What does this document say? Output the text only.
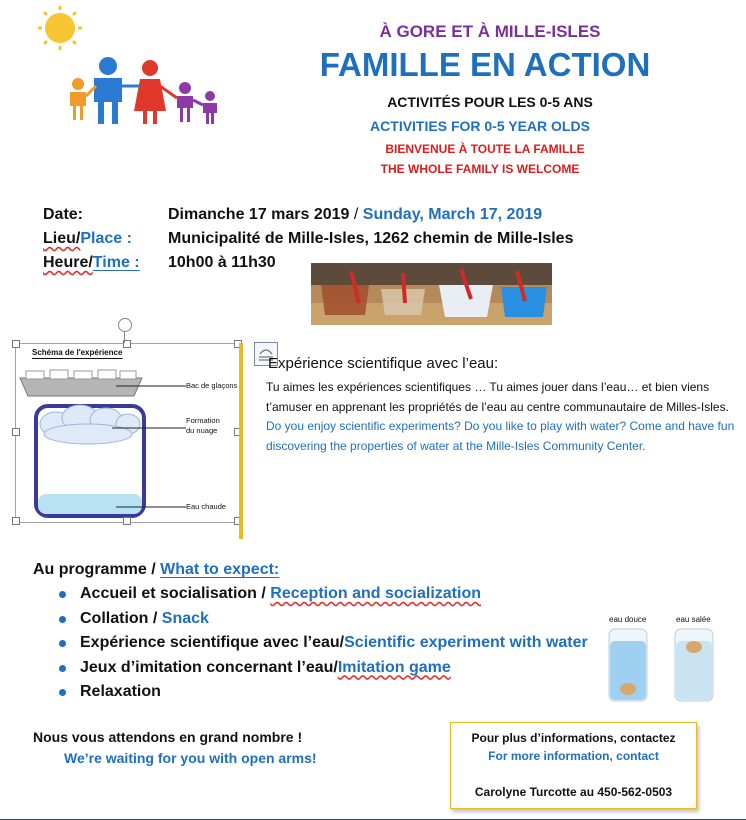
À GORE ET À MILLE-ISLES
FAMILLE EN ACTION
ACTIVITÉS POUR LES 0-5 ANS
ACTIVITIES FOR 0-5 YEAR OLDS
BIENVENUE À TOUTE LA FAMILLE
THE WHOLE FAMILY IS WELCOME
Date:	Dimanche 17 mars 2019 / Sunday, March 17, 2019
Lieu/Place : Municipalité de Mille-Isles, 1262 chemin de Mille-Isles
Heure/Time : 10h00 à 11h30
Schéma de l'expérience
Bac de glaçons
Formation
du nuage
Eau chaude
Expérience scientifique avec l’eau:
Tu aimes les expériences scientifiques … Tu aimes jouer dans l’eau… et bien viens t’amuser en apprenant les propriétés de l’eau au centre communautaire de Milles-Isles. Do you enjoy scientific experiments? Do you like to play with water? Come and have fun discovering the properties of water at the Mille-Isles Community Center.
Au programme / What to expect:
Accueil et socialisation / Reception and socialization
Collation / Snack
Expérience scientifique avec l’eau/Scientific experiment with water
Jeux d’imitation concernant l’eau/Imitation game
Relaxation
eau douce	eau salée
Nous vous attendons en grand nombre !
We’re waiting for you with open arms!
Pour plus d’informations, contactez
For more information, contact
Carolyne Turcotte au 450-562-0503
